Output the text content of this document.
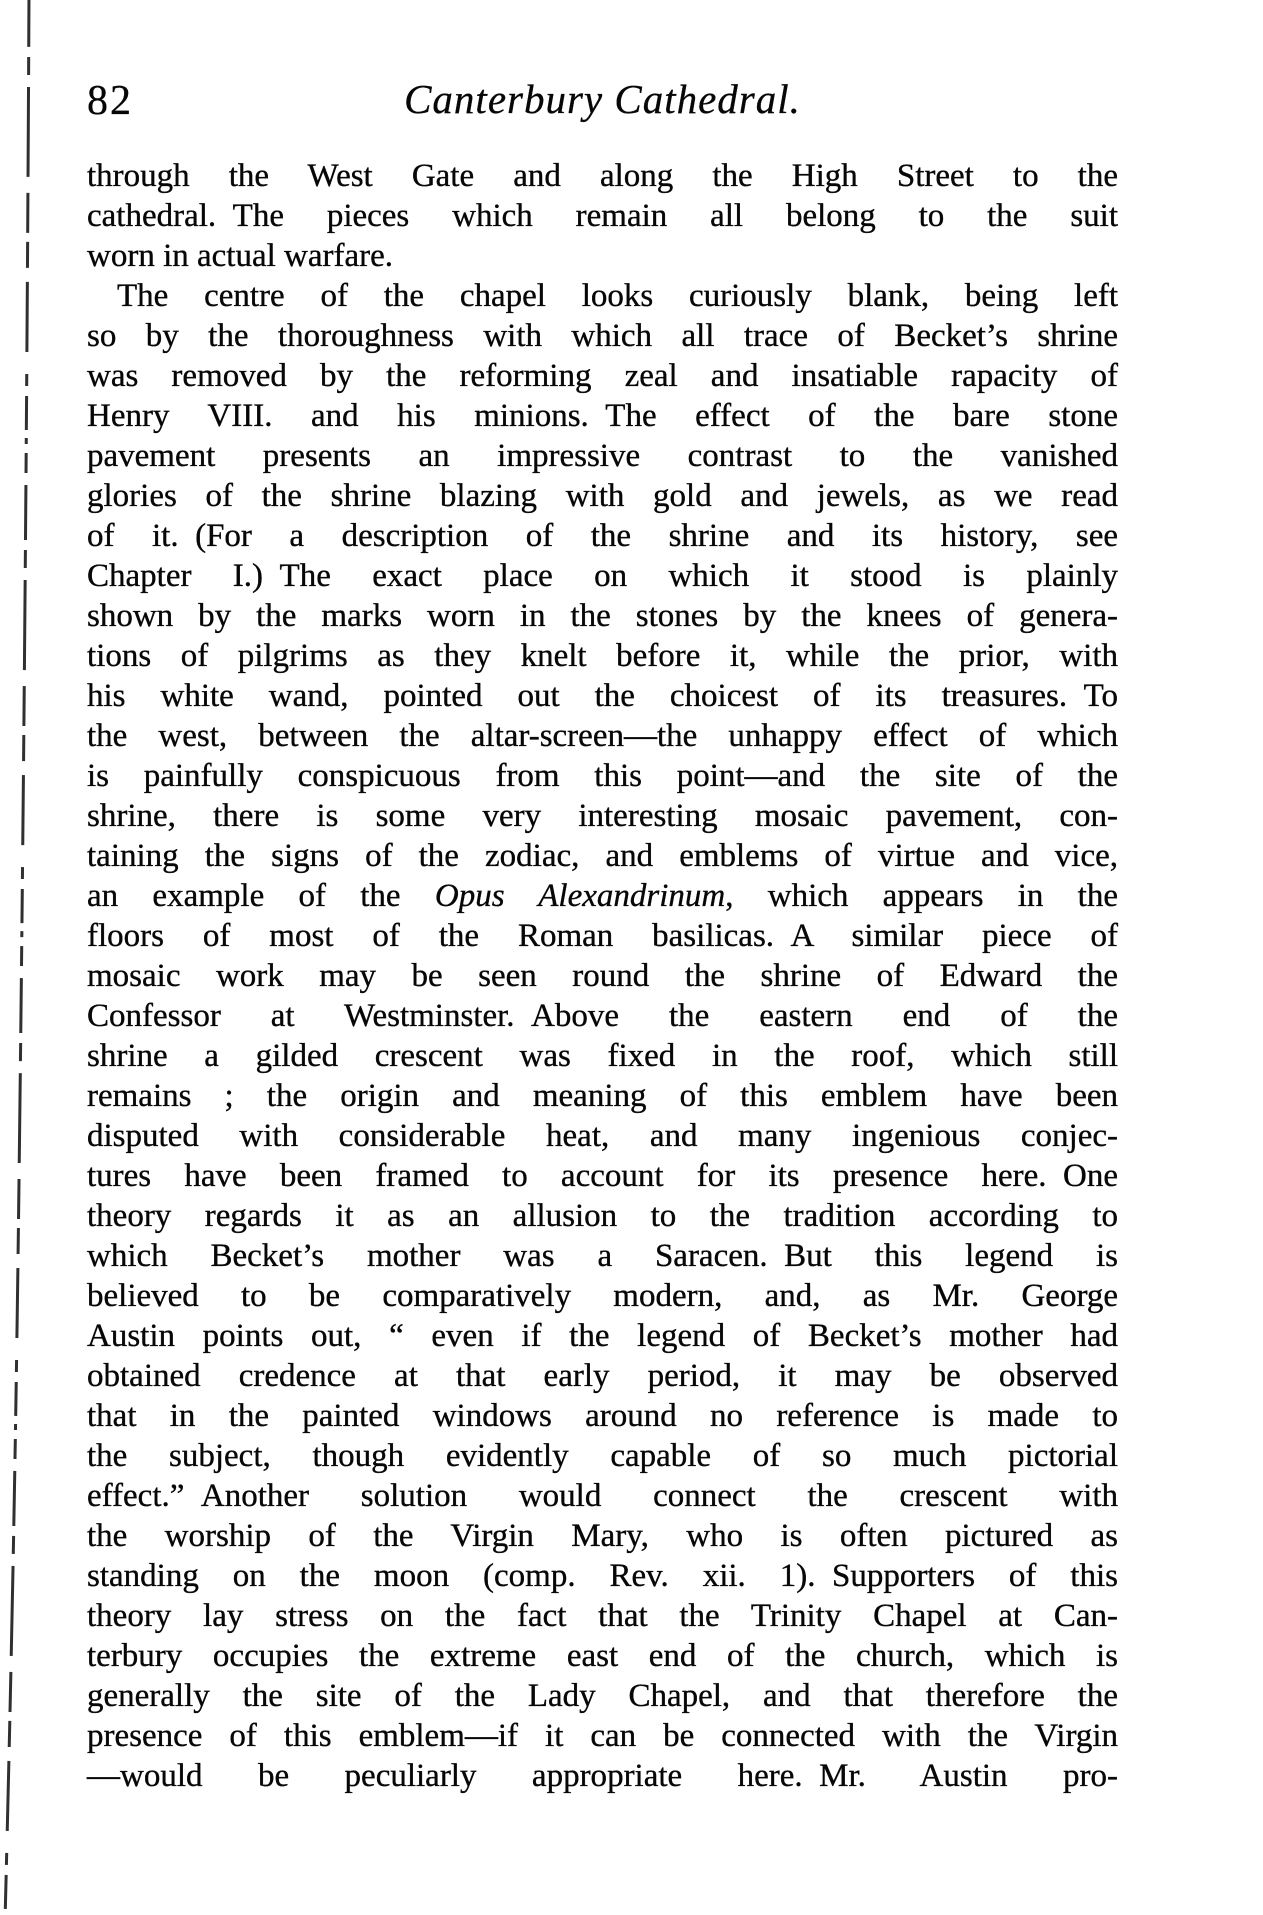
82	Canterbury Cathedral.
through the West Gate and along the High Street to the
cathedral. The pieces which remain all belong to the suit
worn in actual warfare.
The centre of the chapel looks curiously blank, being left
so by the thoroughness with which all trace of Becket’s shrine
was removed by the reforming zeal and insatiable rapacity of
Henry VIII. and his minions. The effect of the bare stone
pavement presents an impressive contrast to the vanished
glories of the shrine blazing with gold and jewels, as we read
of it. (For a description of the shrine and its history, see
Chapter I.) The exact place on which it stood is plainly
shown by the marks worn in the stones by the knees of genera-
tions of pilgrims as they knelt before it, while the prior, with
his white wand, pointed out the choicest of its treasures. To
the west, between the altar-screen—the unhappy effect of which
is painfully conspicuous from this point—and the site of the
shrine, there is some very interesting mosaic pavement, con-
taining the signs of the zodiac, and emblems of virtue and vice,
an example of the Opus Alexandrinum, which appears in the
floors of most of the Roman basilicas. A similar piece of
mosaic work may be seen round the shrine of Edward the
Confessor at Westminster. Above the eastern end of the
shrine a gilded crescent was fixed in the roof, which still
remains ; the origin and meaning of this emblem have been
disputed with considerable heat, and many ingenious conjec-
tures have been framed to account for its presence here. One
theory regards it as an allusion to the tradition according to
which Becket’s mother was a Saracen. But this legend is
believed to be comparatively modern, and, as Mr. George
Austin points out, “ even if the legend of Becket’s mother had
obtained credence at that early period, it may be observed
that in the painted windows around no reference is made to
the subject, though evidently capable of so much pictorial
effect.” Another solution would connect the crescent with
the worship of the Virgin Mary, who is often pictured as
standing on the moon (comp. Rev. xii. 1). Supporters of this
theory lay stress on the fact that the Trinity Chapel at Can-
terbury occupies the extreme east end of the church, which is
generally the site of the Lady Chapel, and that therefore the
presence of this emblem—if it can be connected with the Virgin
—would be peculiarly appropriate here. Mr. Austin pro-
